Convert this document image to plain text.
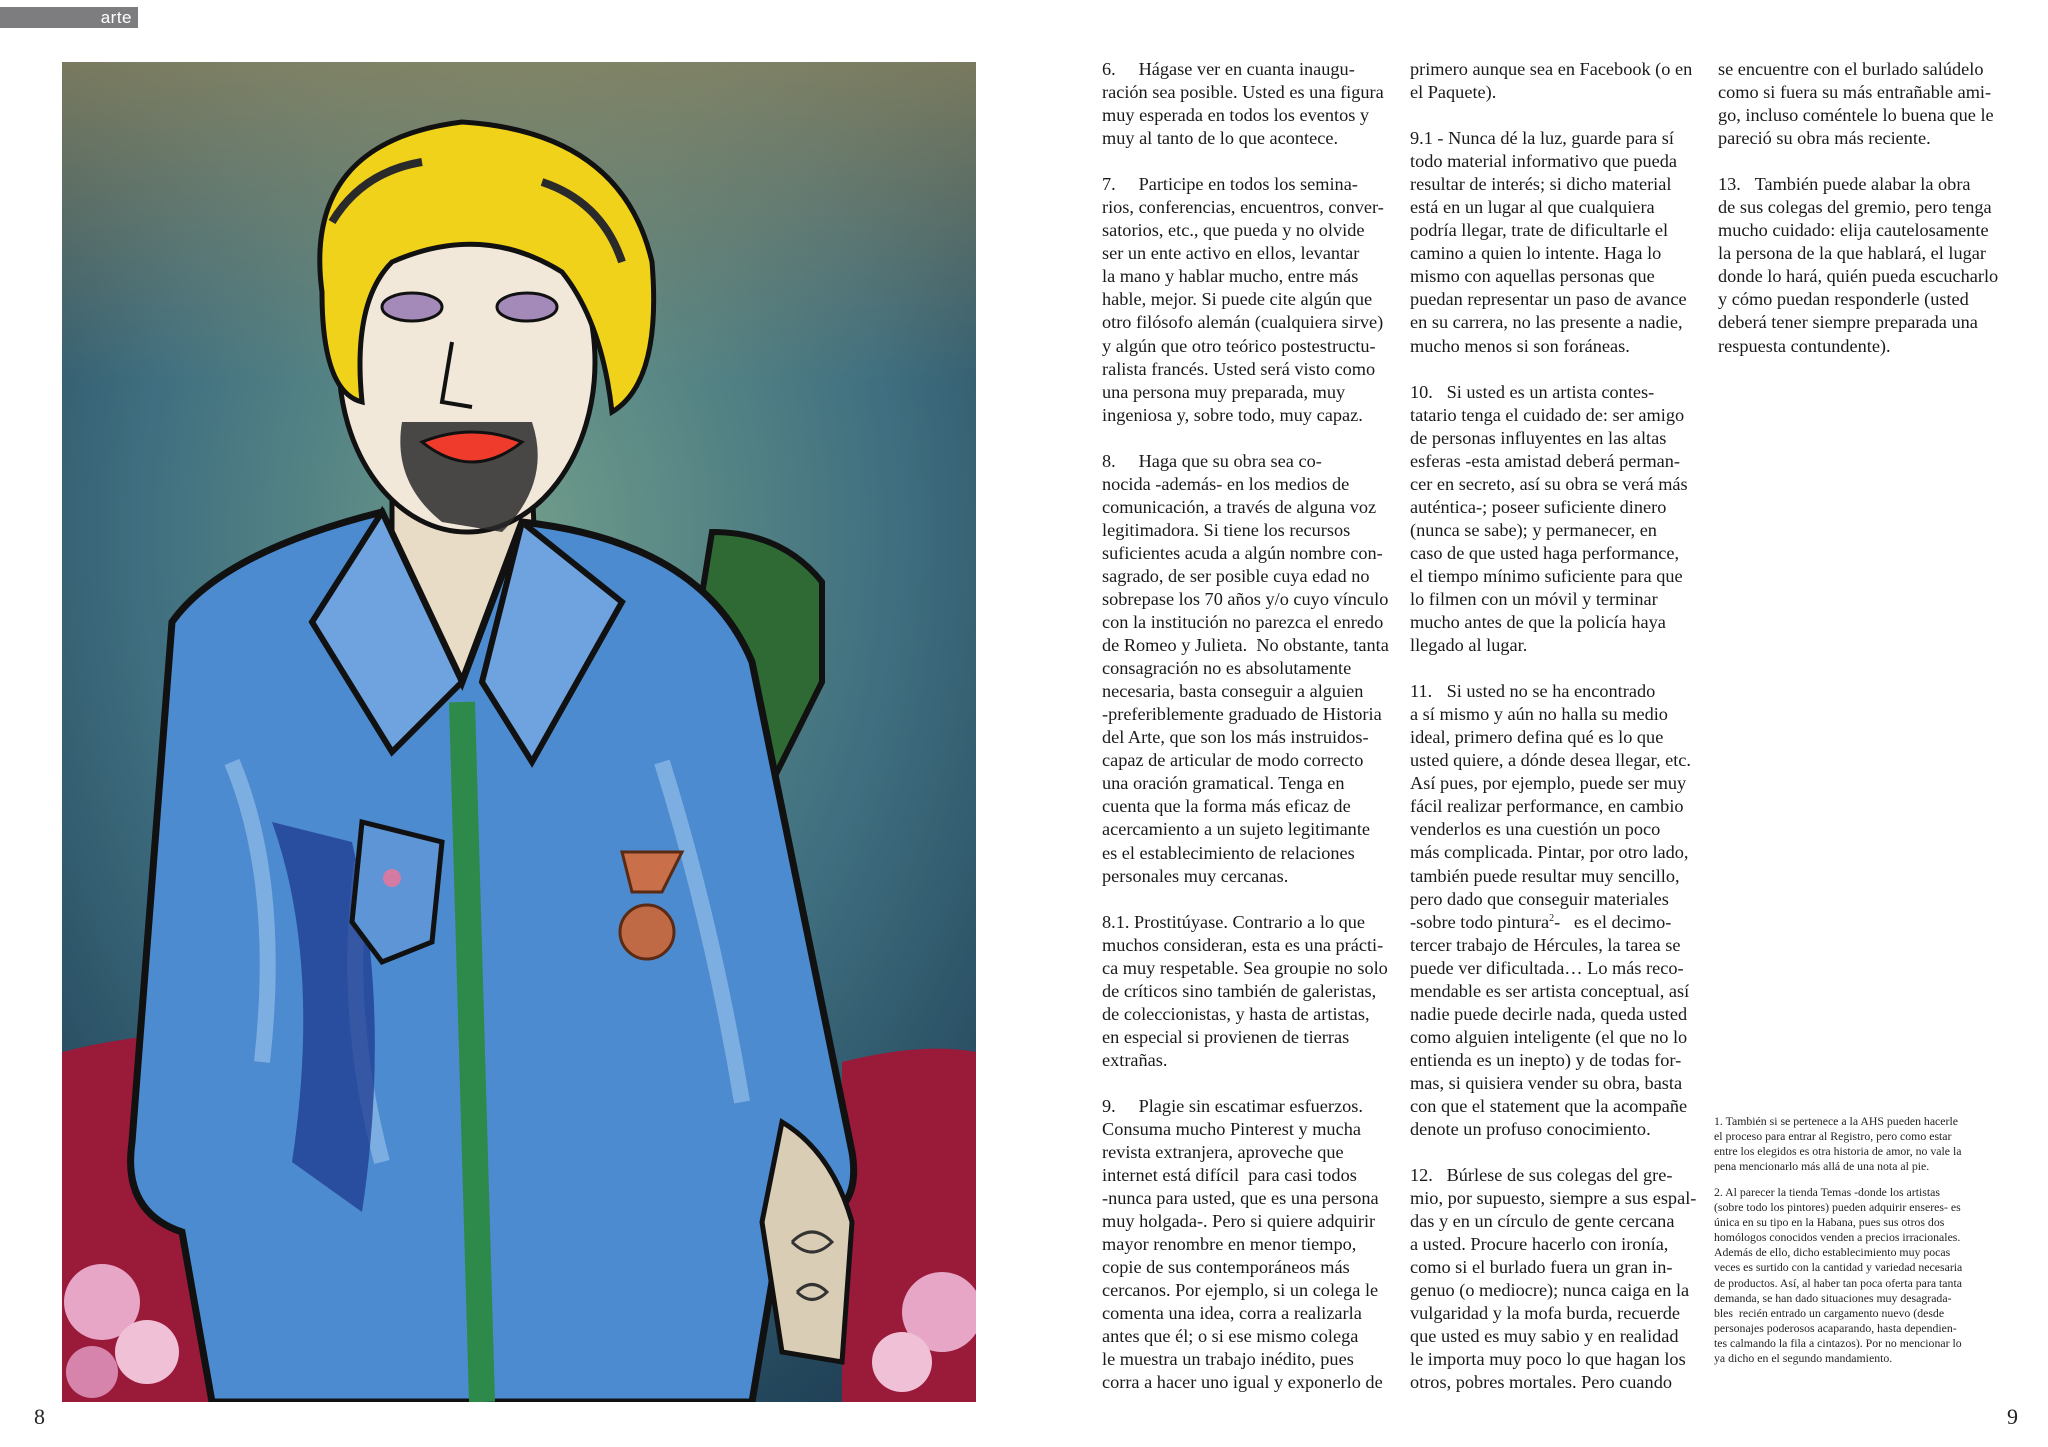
arte
8	9

6.	Hágase ver en cuanta inaugu-
ración sea posible. Usted es una figura
muy esperada en todos los eventos y
muy al tanto de lo que acontece.

7.	Participe en todos los semina-
rios, conferencias, encuentros, conver-
satorios, etc., que pueda y no olvide
ser un ente activo en ellos, levantar
la mano y hablar mucho, entre más
hable, mejor. Si puede cite algún que
otro filósofo alemán (cualquiera sirve)
y algún que otro teórico postestructu-
ralista francés. Usted será visto como
una persona muy preparada, muy
ingeniosa y, sobre todo, muy capaz.

8.	Haga que su obra sea co-
nocida -además- en los medios de
comunicación, a través de alguna voz
legitimadora. Si tiene los recursos
suficientes acuda a algún nombre con-
sagrado, de ser posible cuya edad no
sobrepase los 70 años y/o cuyo vínculo
con la institución no parezca el enredo
de Romeo y Julieta.  No obstante, tanta
consagración no es absolutamente
necesaria, basta conseguir a alguien
-preferiblemente graduado de Historia
del Arte, que son los más instruidos-
capaz de articular de modo correcto
una oración gramatical. Tenga en
cuenta que la forma más eficaz de
acercamiento a un sujeto legitimante
es el establecimiento de relaciones
personales muy cercanas.

8.1. Prostitúyase. Contrario a lo que
muchos consideran, esta es una prácti-
ca muy respetable. Sea groupie no solo
de críticos sino también de galeristas,
de coleccionistas, y hasta de artistas,
en especial si provienen de tierras
extrañas.

9.	Plagie sin escatimar esfuerzos.
Consuma mucho Pinterest y mucha
revista extranjera, aproveche que
internet está difícil  para casi todos
-nunca para usted, que es una persona
muy holgada-. Pero si quiere adquirir
mayor renombre en menor tiempo,
copie de sus contemporáneos más
cercanos. Por ejemplo, si un colega le
comenta una idea, corra a realizarla
antes que él; o si ese mismo colega
le muestra un trabajo inédito, pues
corra a hacer uno igual y exponerlo de

primero aunque sea en Facebook (o en
el Paquete).

9.1 - Nunca dé la luz, guarde para sí
todo material informativo que pueda
resultar de interés; si dicho material
está en un lugar al que cualquiera
podría llegar, trate de dificultarle el
camino a quien lo intente. Haga lo
mismo con aquellas personas que
puedan representar un paso de avance
en su carrera, no las presente a nadie,
mucho menos si son foráneas.

10.	Si usted es un artista contes-
tatario tenga el cuidado de: ser amigo
de personas influyentes en las altas
esferas -esta amistad deberá perman-
cer en secreto, así su obra se verá más
auténtica-; poseer suficiente dinero
(nunca se sabe); y permanecer, en
caso de que usted haga performance,
el tiempo mínimo suficiente para que
lo filmen con un móvil y terminar
mucho antes de que la policía haya
llegado al lugar.

11.	Si usted no se ha encontrado
a sí mismo y aún no halla su medio
ideal, primero defina qué es lo que
usted quiere, a dónde desea llegar, etc.
Así pues, por ejemplo, puede ser muy
fácil realizar performance, en cambio
venderlos es una cuestión un poco
más complicada. Pintar, por otro lado,
también puede resultar muy sencillo,
pero dado que conseguir materiales
-sobre todo pintura$^2$-   es el decimo-
tercer trabajo de Hércules, la tarea se
puede ver dificultada… Lo más reco-
mendable es ser artista conceptual, así
nadie puede decirle nada, queda usted
como alguien inteligente (el que no lo
entienda es un inepto) y de todas for-
mas, si quisiera vender su obra, basta
con que el statement que la acompañe
denote un profuso conocimiento.

12.	Búrlese de sus colegas del gre-
mio, por supuesto, siempre a sus espal-
das y en un círculo de gente cercana
a usted. Procure hacerlo con ironía,
como si el burlado fuera un gran in-
genuo (o mediocre); nunca caiga en la
vulgaridad y la mofa burda, recuerde
que usted es muy sabio y en realidad
le importa muy poco lo que hagan los
otros, pobres mortales. Pero cuando

se encuentre con el burlado salúdelo
como si fuera su más entrañable ami-
go, incluso coméntele lo buena que le
pareció su obra más reciente.

13.	También puede alabar la obra
de sus colegas del gremio, pero tenga
mucho cuidado: elija cautelosamente
la persona de la que hablará, el lugar
donde lo hará, quién pueda escucharlo
y cómo puedan responderle (usted
deberá tener siempre preparada una
respuesta contundente).

1. También si se pertenece a la AHS pueden hacerle
el proceso para entrar al Registro, pero como estar
entre los elegidos es otra historia de amor, no vale la
pena mencionarlo más allá de una nota al pie.

2. Al parecer la tienda Temas -donde los artistas
(sobre todo los pintores) pueden adquirir enseres- es
única en su tipo en la Habana, pues sus otros dos
homólogos conocidos venden a precios irracionales.
Además de ello, dicho establecimiento muy pocas
veces es surtido con la cantidad y variedad necesaria
de productos. Así, al haber tan poca oferta para tanta
demanda, se han dado situaciones muy desagrada-
bles  recién entrado un cargamento nuevo (desde
personajes poderosos acaparando, hasta dependien-
tes calmando la fila a cintazos). Por no mencionar lo
ya dicho en el segundo mandamiento.
